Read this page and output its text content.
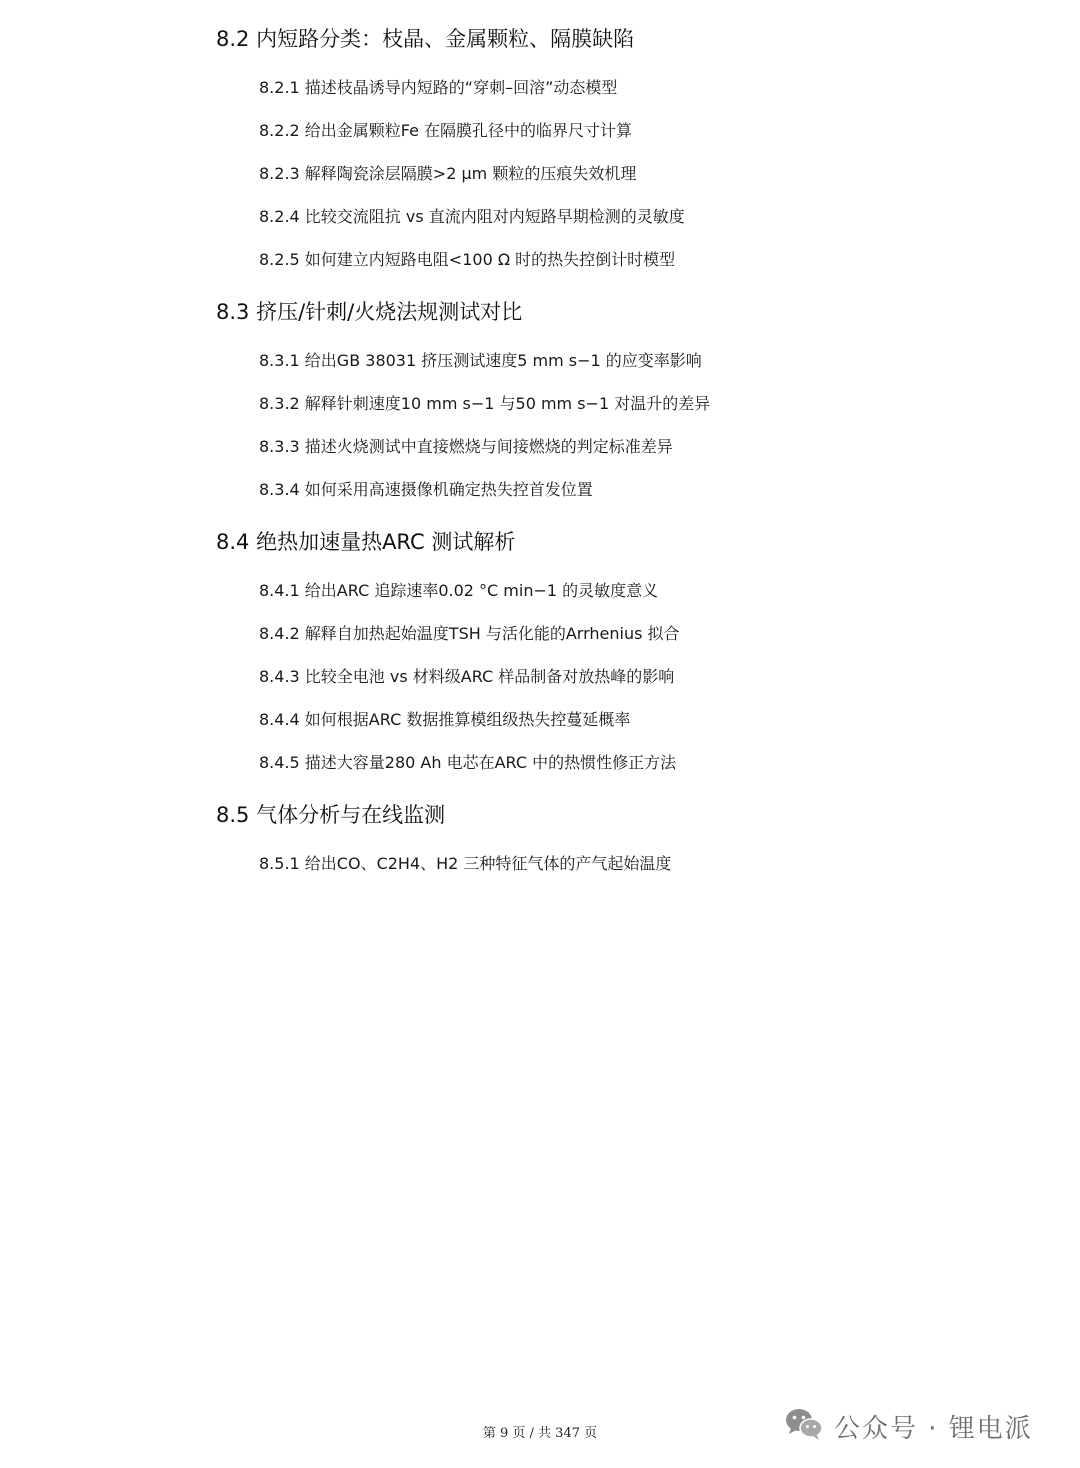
8.2 内短路分类：枝晶、金属颗粒、隔膜缺陷
8.2.1 描述枝晶诱导内短路的“穿刺–回溶”动态模型
8.2.2 给出金属颗粒Fe 在隔膜孔径中的临界尺寸计算
8.2.3 解释陶瓷涂层隔膜>2 μm 颗粒的压痕失效机理
8.2.4 比较交流阻抗 vs 直流内阻对内短路早期检测的灵敏度
8.2.5 如何建立内短路电阻<100 Ω 时的热失控倒计时模型
8.3 挤压/针刺/火烧法规测试对比
8.3.1 给出GB 38031 挤压测试速度5 mm s−1 的应变率影响
8.3.2 解释针刺速度10 mm s−1 与50 mm s−1 对温升的差异
8.3.3 描述火烧测试中直接燃烧与间接燃烧的判定标准差异
8.3.4 如何采用高速摄像机确定热失控首发位置
8.4 绝热加速量热ARC 测试解析
8.4.1 给出ARC 追踪速率0.02 °C min−1 的灵敏度意义
8.4.2 解释自加热起始温度TSH 与活化能的Arrhenius 拟合
8.4.3 比较全电池 vs 材料级ARC 样品制备对放热峰的影响
8.4.4 如何根据ARC 数据推算模组级热失控蔓延概率
8.4.5 描述大容量280 Ah 电芯在ARC 中的热惯性修正方法
8.5 气体分析与在线监测
8.5.1 给出CO、C2H4、H2 三种特征气体的产气起始温度
第 9 页 / 共 347 页	公众号 · 锂电派
